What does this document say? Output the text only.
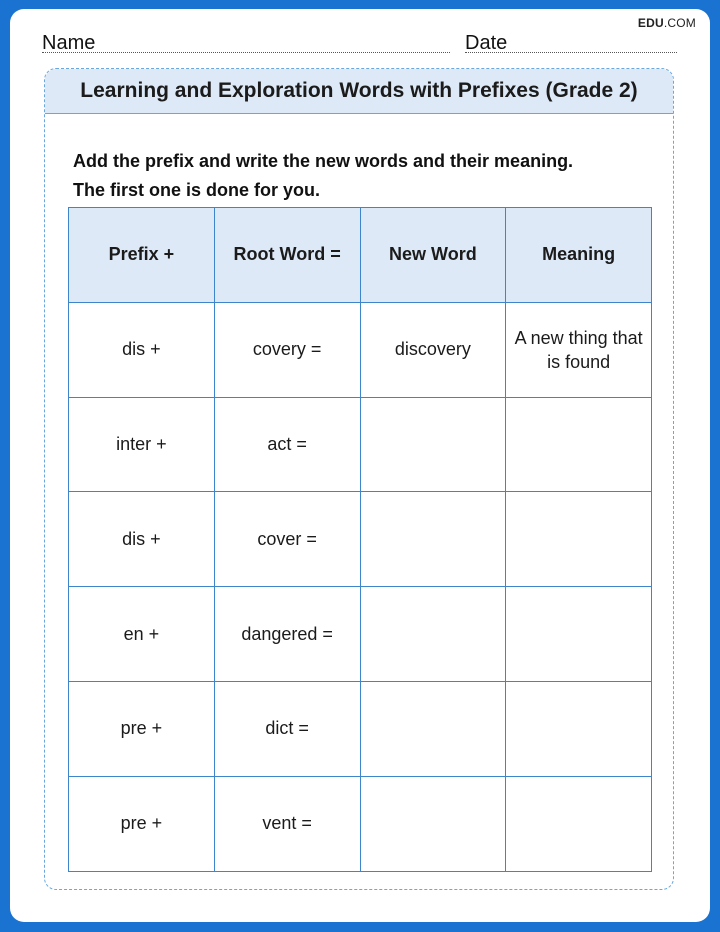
EDU.COM
Name	Date
Learning and Exploration Words with Prefixes (Grade 2)
Add the prefix and write the new words and their meaning.
The first one is done for you.
Prefix +	Root Word =	New Word	Meaning
dis +	covery =	discovery	A new thing that is found
inter +	act =		
dis +	cover =		
en +	dangered =		
pre +	dict =		
pre +	vent =		
